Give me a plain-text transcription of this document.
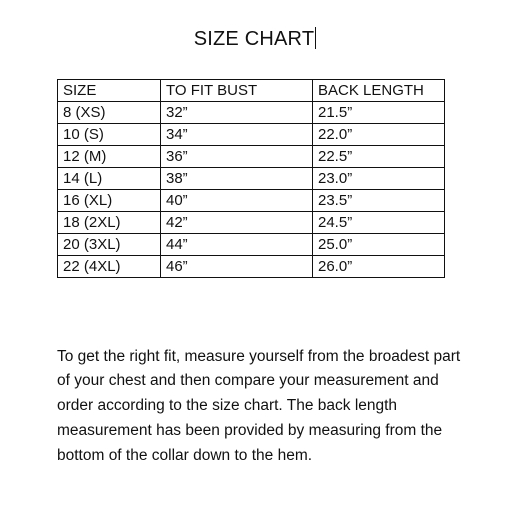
SIZE CHART
SIZE	TO FIT BUST	BACK LENGTH
8 (XS)	32”	21.5”
10 (S)	34”	22.0”
12 (M)	36”	22.5”
14 (L)	38”	23.0”
16 (XL)	40”	23.5”
18 (2XL)	42”	24.5”
20 (3XL)	44”	25.0”
22 (4XL)	46”	26.0”

To get the right fit, measure yourself from the broadest part of your chest and then compare your measurement and order according to the size chart. The back length measurement has been provided by measuring from the bottom of the collar down to the hem.
